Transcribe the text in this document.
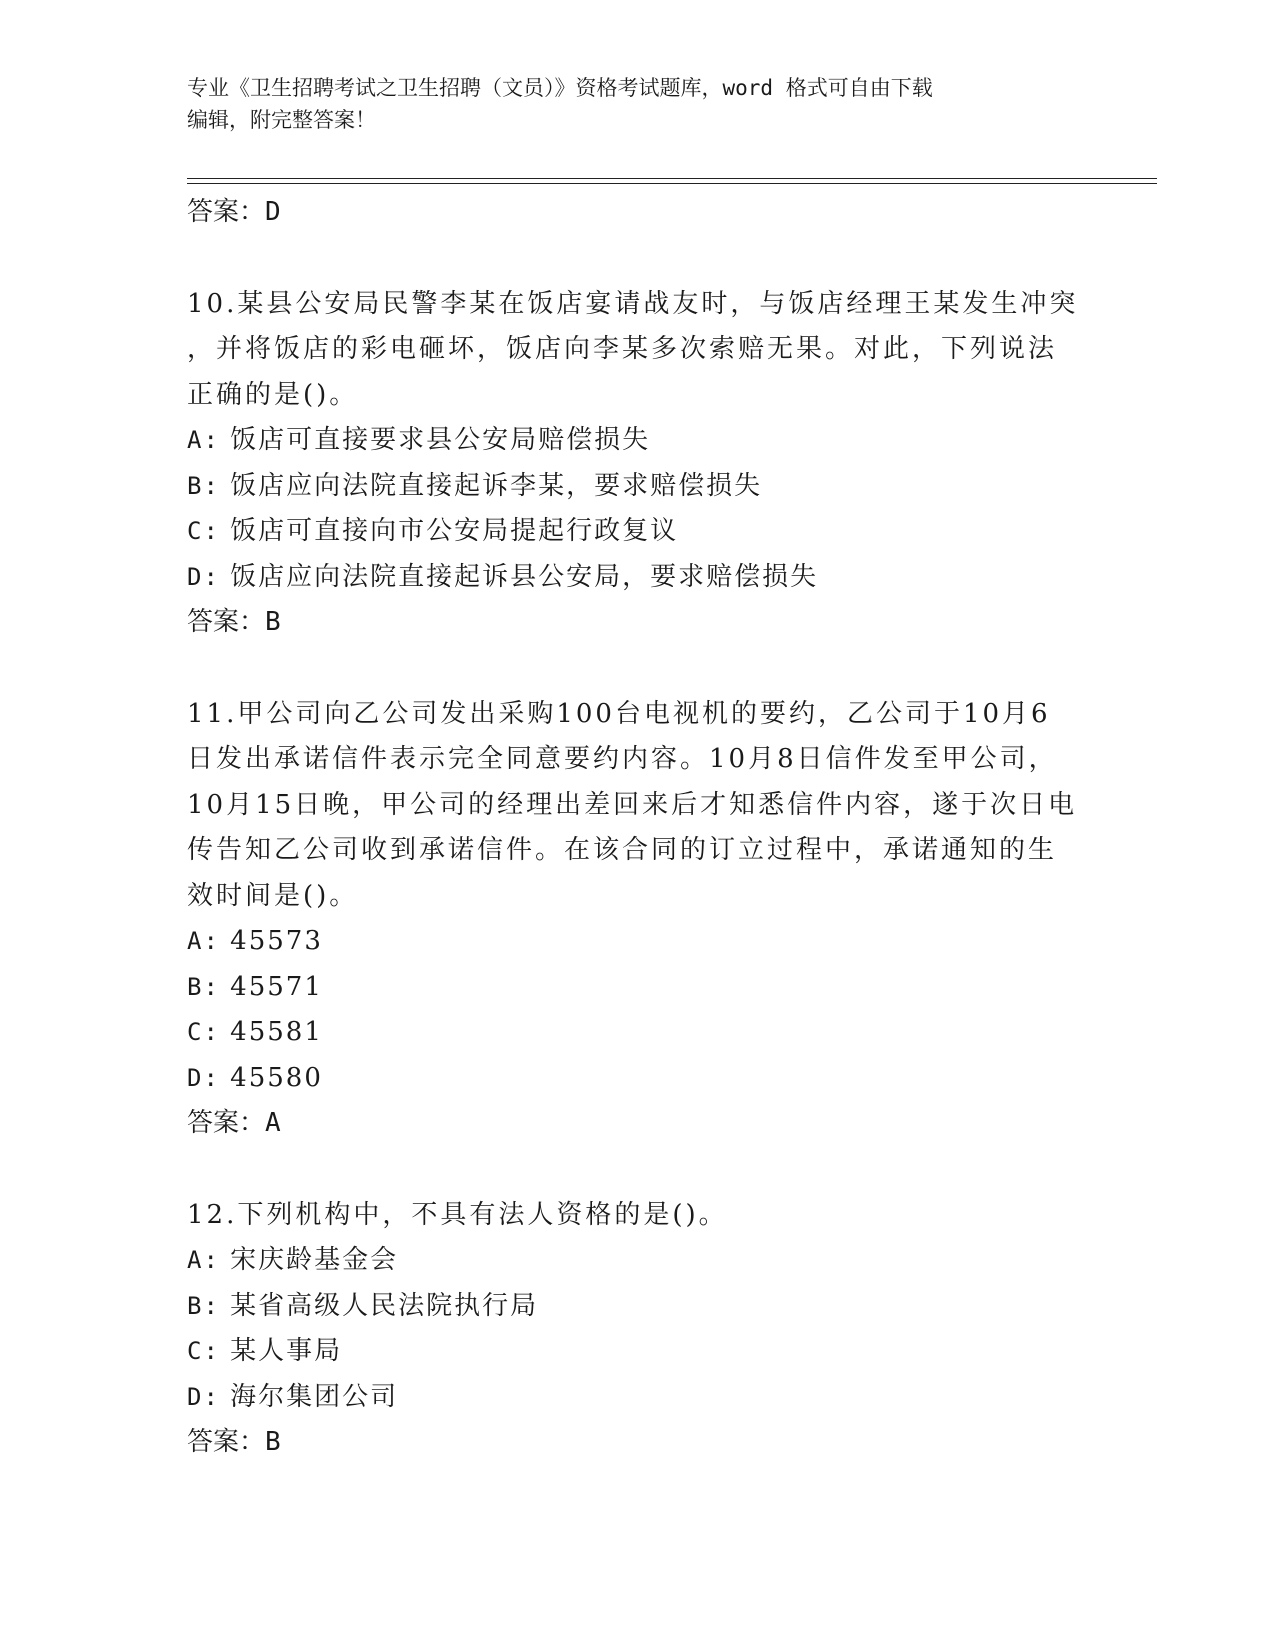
专业《卫生招聘考试之卫生招聘（文员）》资格考试题库，word 格式可自由下载
编辑，附完整答案！
答案：D
10.某县公安局民警李某在饭店宴请战友时，与饭店经理王某发生冲突
，并将饭店的彩电砸坏，饭店向李某多次索赔无果。对此，下列说法
正确的是()。
A: 饭店可直接要求县公安局赔偿损失
B: 饭店应向法院直接起诉李某，要求赔偿损失
C: 饭店可直接向市公安局提起行政复议
D: 饭店应向法院直接起诉县公安局，要求赔偿损失
答案：B
11.甲公司向乙公司发出采购100台电视机的要约，乙公司于10月6
日发出承诺信件表示完全同意要约内容。10月8日信件发至甲公司，
10月15日晚，甲公司的经理出差回来后才知悉信件内容，遂于次日电
传告知乙公司收到承诺信件。在该合同的订立过程中，承诺通知的生
效时间是()。
A: 45573
B: 45571
C: 45581
D: 45580
答案：A
12.下列机构中，不具有法人资格的是()。
A: 宋庆龄基金会
B: 某省高级人民法院执行局
C: 某人事局
D: 海尔集团公司
答案：B
